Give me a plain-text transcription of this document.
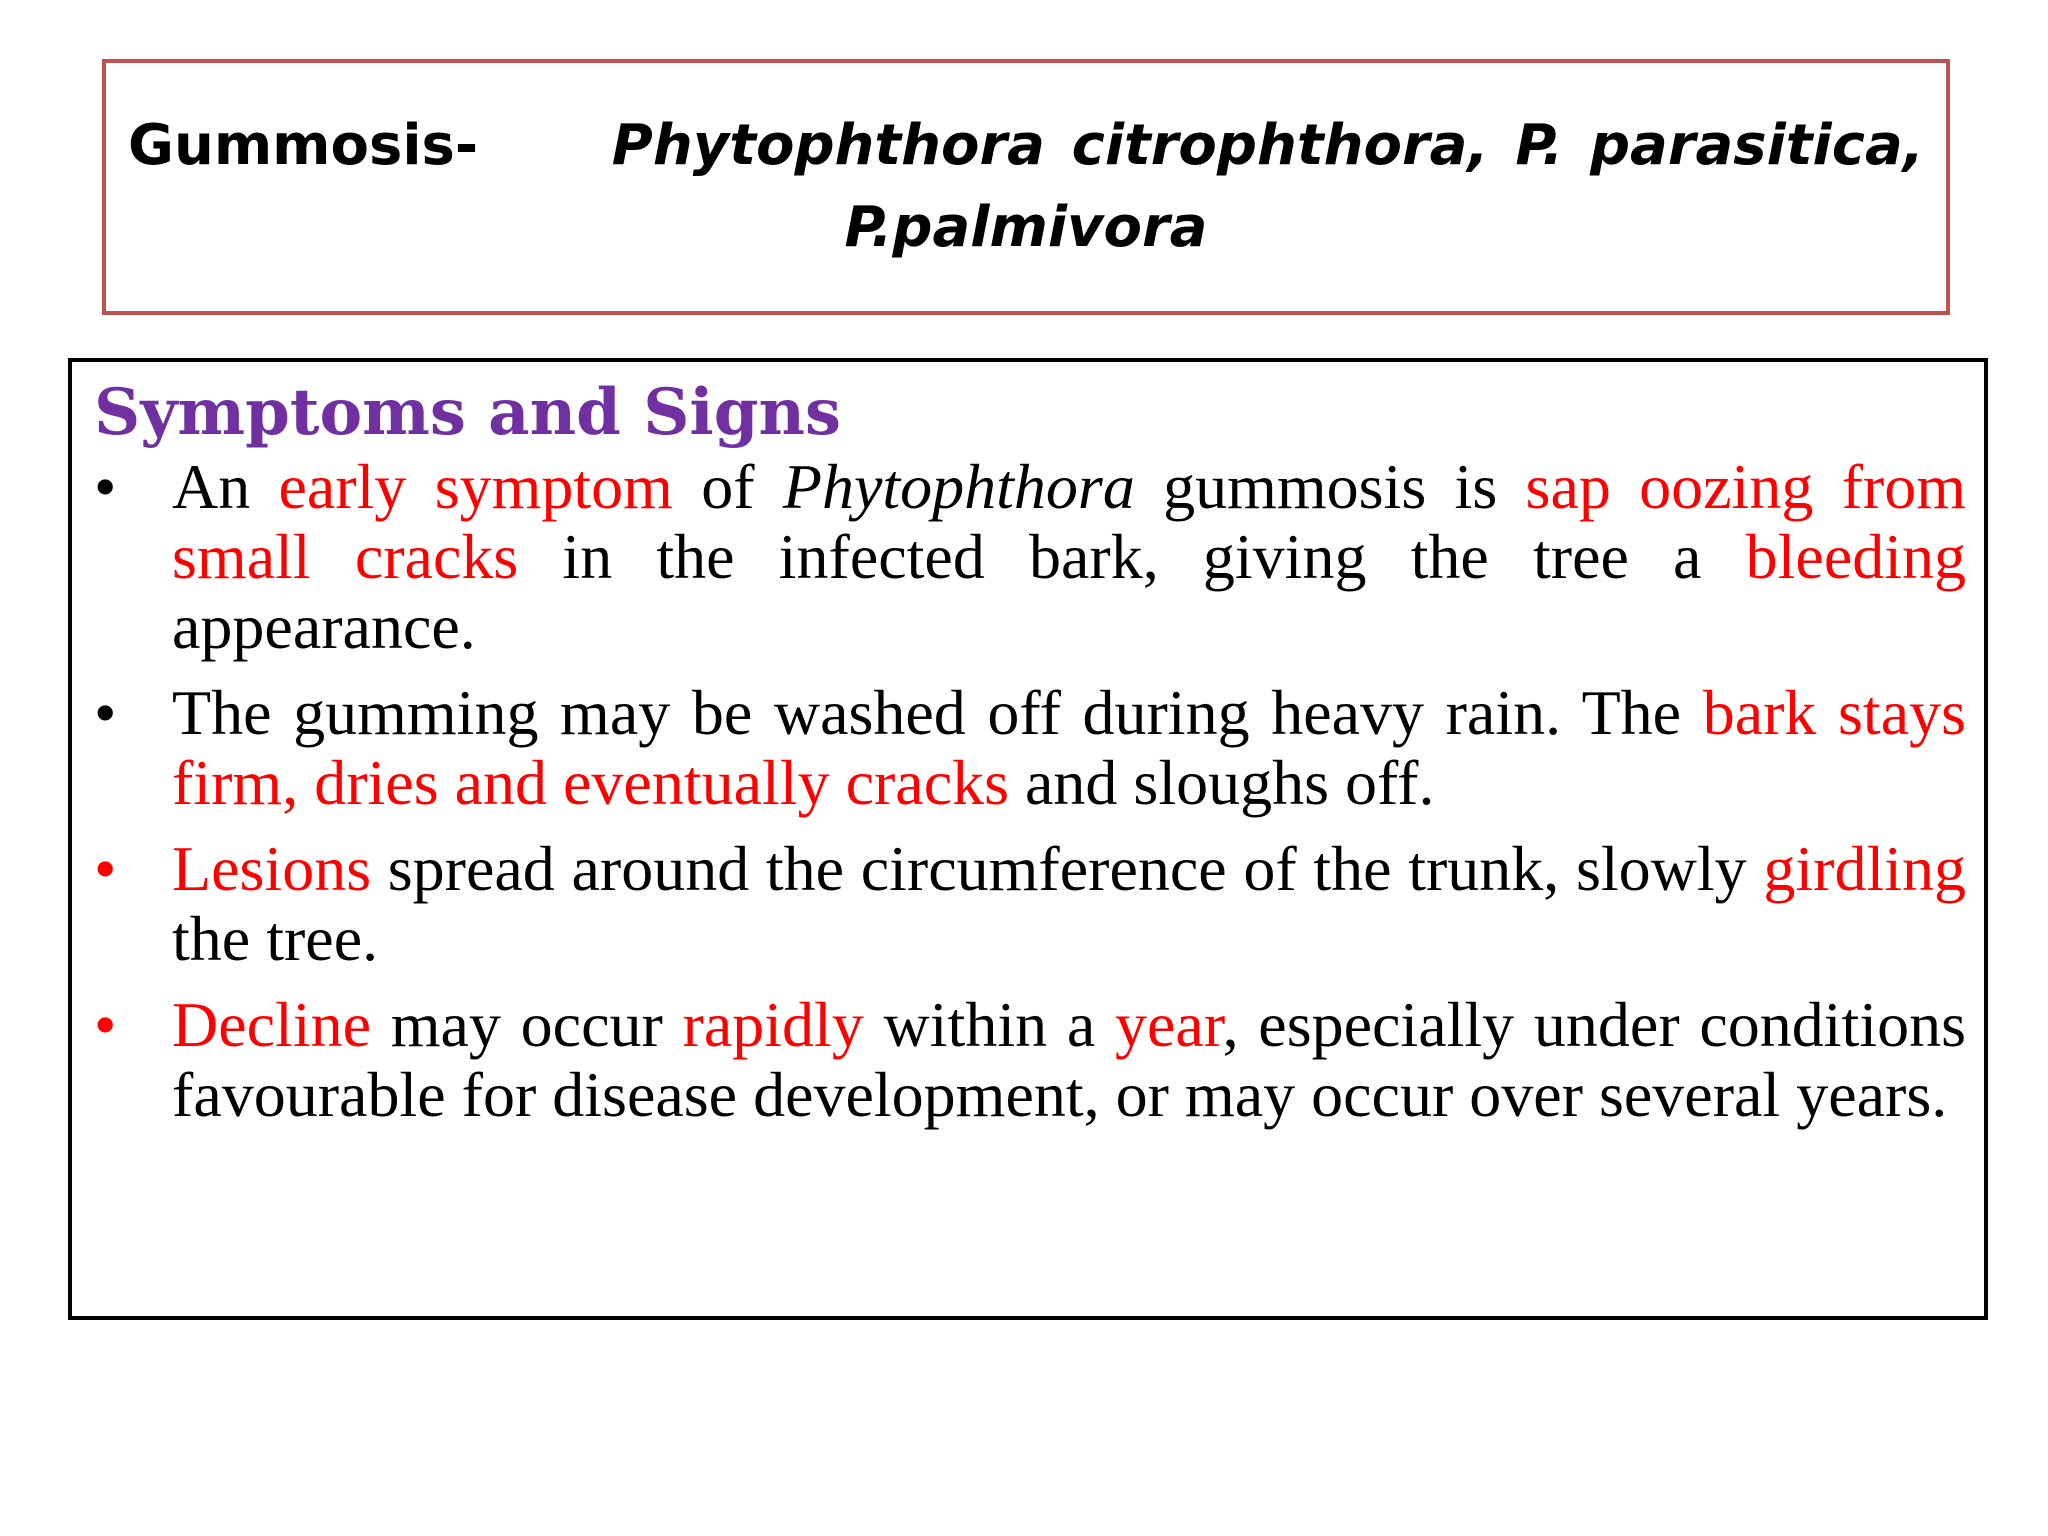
Gummosis- Phytophthora citrophthora, P. parasitica, P.palmivora

Symptoms and Signs
• An early symptom of Phytophthora gummosis is sap oozing from small cracks in the infected bark, giving the tree a bleeding appearance.
• The gumming may be washed off during heavy rain. The bark stays firm, dries and eventually cracks and sloughs off.
• Lesions spread around the circumference of the trunk, slowly girdling the tree.
• Decline may occur rapidly within a year, especially under conditions favourable for disease development, or may occur over several years.
